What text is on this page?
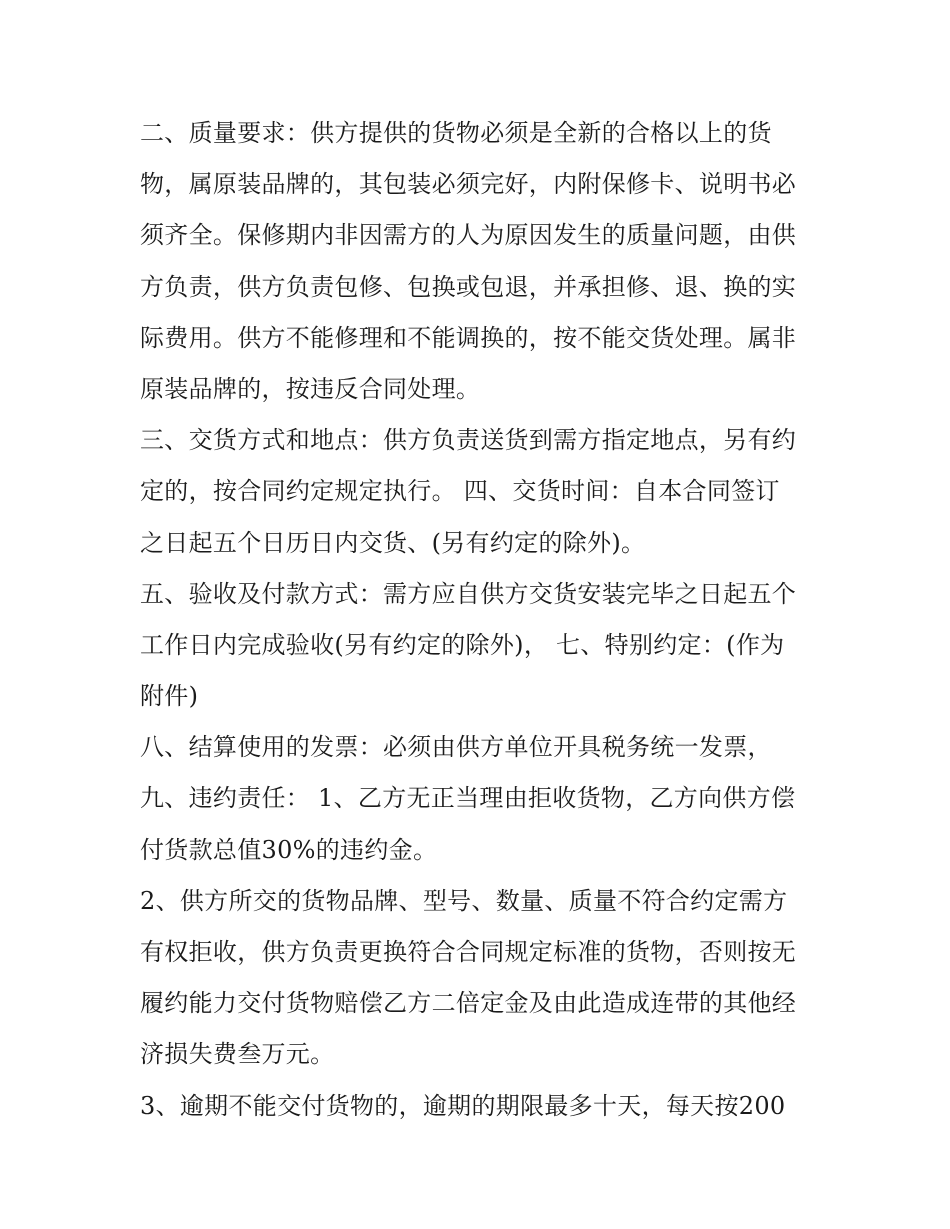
二、质量要求：供方提供的货物必须是全新的合格以上的货
物，属原装品牌的，其包装必须完好，内附保修卡、说明书必
须齐全。保修期内非因需方的人为原因发生的质量问题，由供
方负责，供方负责包修、包换或包退，并承担修、退、换的实
际费用。供方不能修理和不能调换的，按不能交货处理。属非
原装品牌的，按违反合同处理。
三、交货方式和地点：供方负责送货到需方指定地点，另有约
定的，按合同约定规定执行。 四、交货时间：自本合同签订
之日起五个日历日内交货、(另有约定的除外)。
五、验收及付款方式：需方应自供方交货安装完毕之日起五个
工作日内完成验收(另有约定的除外)， 七、特别约定：(作为
附件)
八、结算使用的发票：必须由供方单位开具税务统一发票，
九、违约责任： 1、乙方无正当理由拒收货物，乙方向供方偿
付货款总值30%的违约金。
2、供方所交的货物品牌、型号、数量、质量不符合约定需方
有权拒收，供方负责更换符合合同规定标准的货物，否则按无
履约能力交付货物赔偿乙方二倍定金及由此造成连带的其他经
济损失费叁万元。
3、逾期不能交付货物的，逾期的期限最多十天，每天按200
